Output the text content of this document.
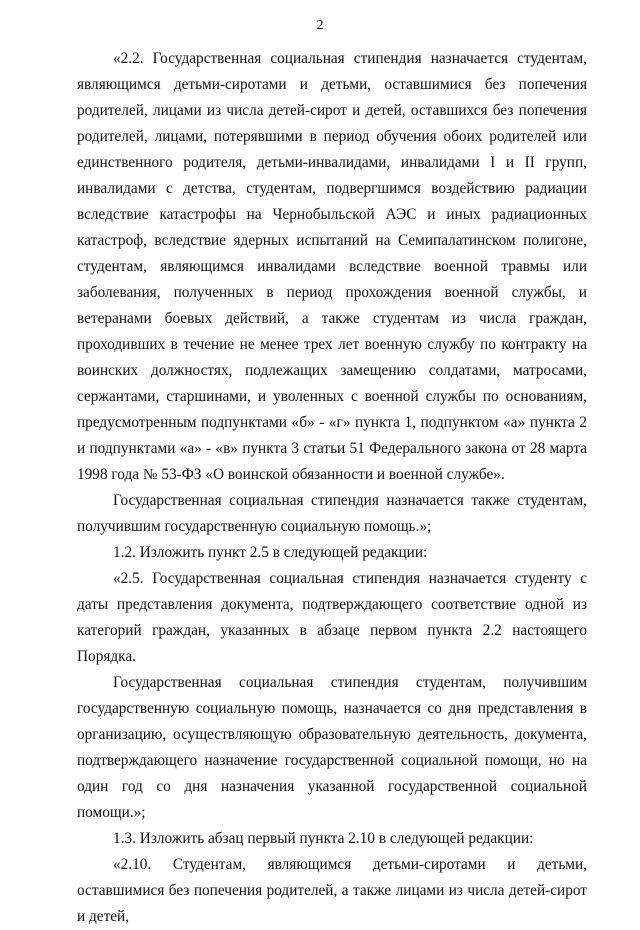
2

«2.2. Государственная социальная стипендия назначается студентам, являющимся детьми-сиротами и детьми, оставшимися без попечения родителей, лицами из числа детей-сирот и детей, оставшихся без попечения родителей, лицами, потерявшими в период обучения обоих родителей или единственного родителя, детьми-инвалидами, инвалидами I и II групп, инвалидами с детства, студентам, подвергшимся воздействию радиации вследствие катастрофы на Чернобыльской АЭС и иных радиационных катастроф, вследствие ядерных испытаний на Семипалатинском полигоне, студентам, являющимся инвалидами вследствие военной травмы или заболевания, полученных в период прохождения военной службы, и ветеранами боевых действий, а также студентам из числа граждан, проходивших в течение не менее трех лет военную службу по контракту на воинских должностях, подлежащих замещению солдатами, матросами, сержантами, старшинами, и уволенных с военной службы по основаниям, предусмотренным подпунктами «б» - «г» пункта 1, подпунктом «а» пункта 2 и подпунктами «а» - «в» пункта 3 статьи 51 Федерального закона от 28 марта 1998 года № 53-ФЗ «О воинской обязанности и военной службе».

Государственная социальная стипендия назначается также студентам, получившим государственную социальную помощь.»;

1.2. Изложить пункт 2.5 в следующей редакции:

«2.5. Государственная социальная стипендия назначается студенту с даты представления документа, подтверждающего соответствие одной из категорий граждан, указанных в абзаце первом пункта 2.2 настоящего Порядка.

Государственная социальная стипендия студентам, получившим государственную социальную помощь, назначается со дня представления в организацию, осуществляющую образовательную деятельность, документа, подтверждающего назначение государственной социальной помощи, но на один год со дня назначения указанной государственной социальной помощи.»;

1.3. Изложить абзац первый пункта 2.10 в следующей редакции:

«2.10. Студентам, являющимся детьми-сиротами и детьми, оставшимися без попечения родителей, а также лицами из числа детей-сирот и детей,
